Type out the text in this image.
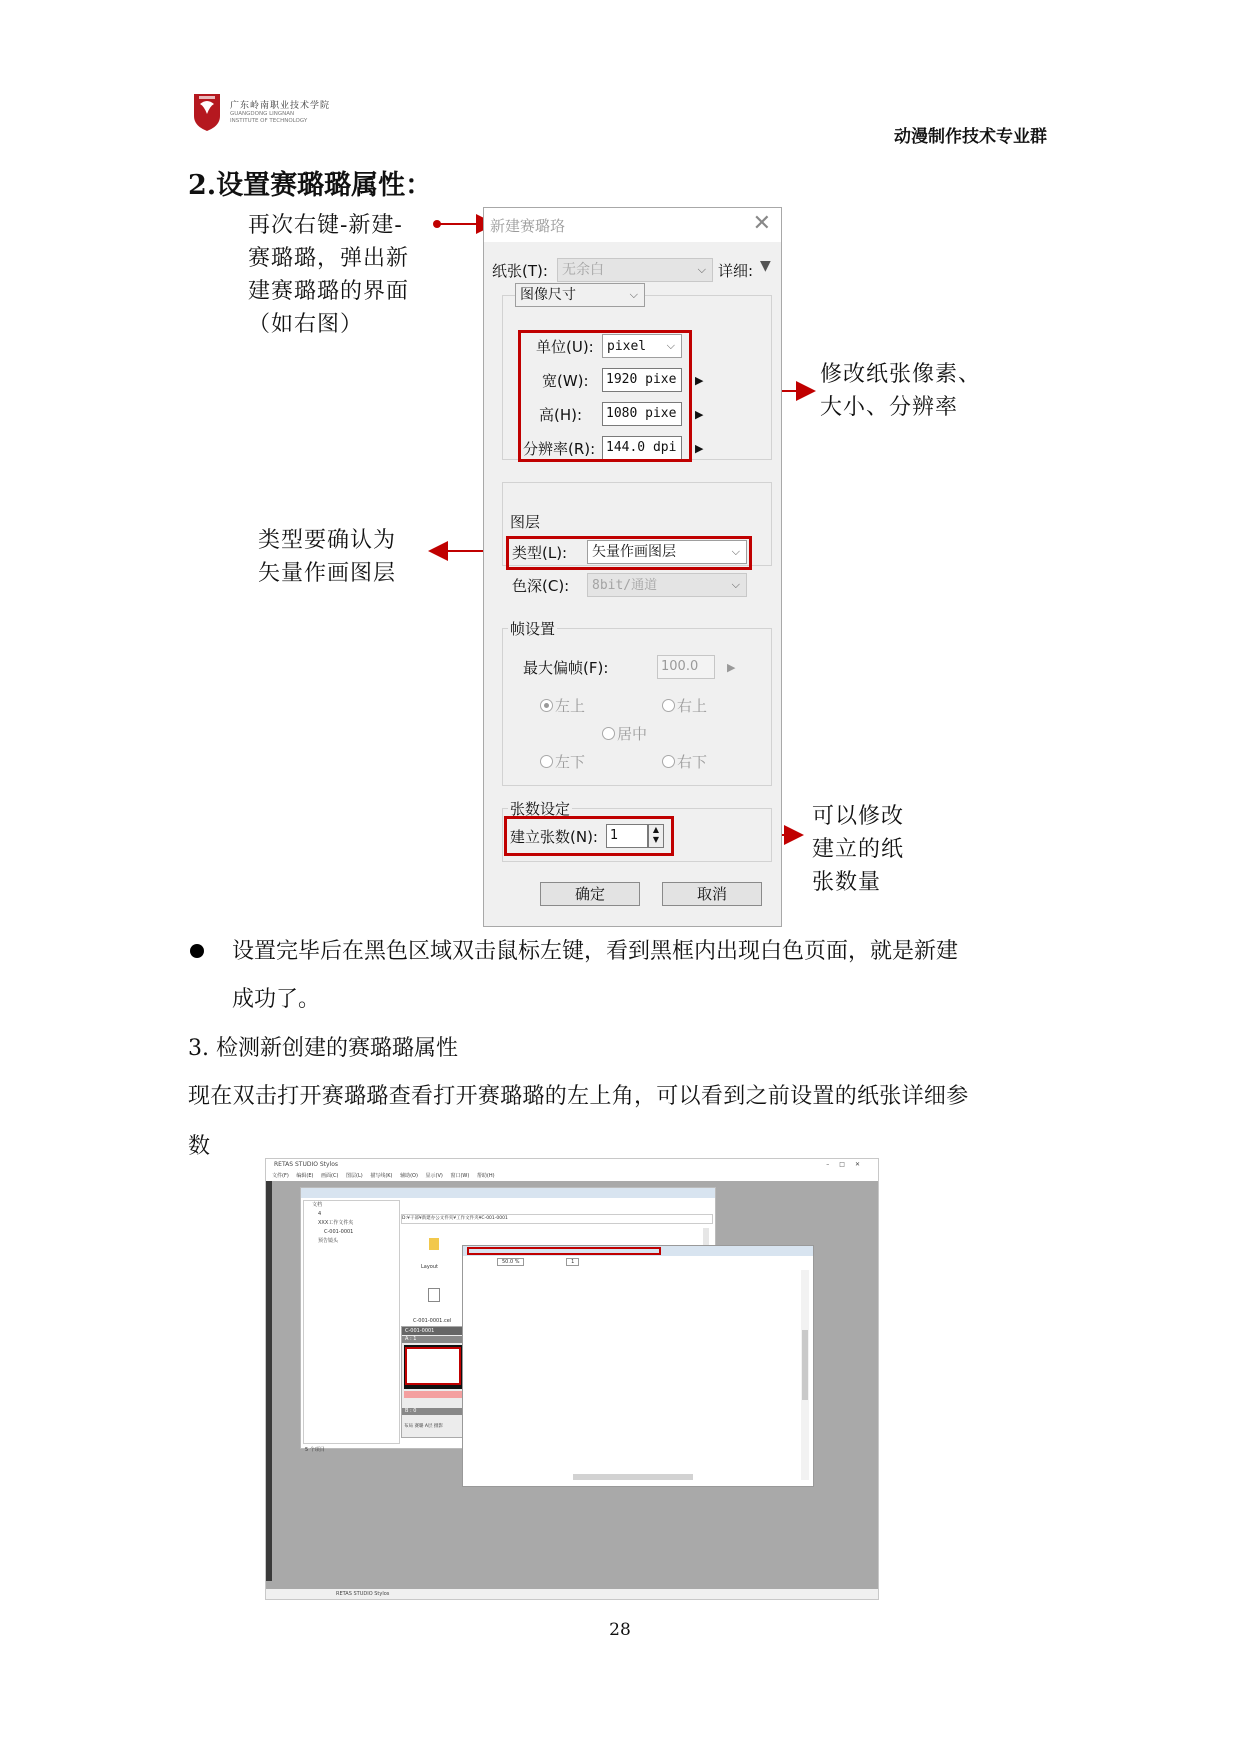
广东岭南职业技术学院
GUANGDONG LINGNAN
INSTITUTE OF TECHNOLOGY
动漫制作技术专业群
2.设置赛璐璐属性：
再次右键-新建-
赛璐璐，弹出新
建赛璐璐的界面
（如右图）
修改纸张像素、
大小、分辨率
类型要确认为
矢量作画图层
可以修改
建立的纸
张数量
新建赛璐珞	✕
纸张(T):	无余白	⌵ 详细: ▼
图像尺寸	⌵
单位(U):	pixel ⌵
宽(W):	1920 pixe	▶
高(H):	1080 pixe	▶
分辨率(R): 144.0 dpi	▶
图层
类型(L):	矢量作画图层	⌵
色深(C):	8bit/通道	⌵
帧设置
最大偏帧(F):	100.0	▶
左上	右上
居中
左下	右下
张数设定
建立张数(N): 1	▲
▼
确定	取消
设置完毕后在黑色区域双击鼠标左键，看到黑框内出现白色页面，就是新建
成功了。
3. 检测新创建的赛璐璐属性
现在双击打开赛璐璐查看打开赛璐璐的左上角，可以看到之前设置的纸张详细参
数
RETAS STUDIO Stylos	–□✕
文件(F) 编辑(E) 画面(C) 图层(L) 描写线(K) 辅助(O) 显示(V) 窗口(W) 帮助(H)
文档
4
XXX工作文件夹
C-001-0001
预告镜头
5 个项目
D:¥干部¥新建办公文件夹¥工作文件夹¥C-001-0001
Layout
C-001-0001.cel
C-001-0001
A : 1
B : 0
布局 赛璐 A层 摄影
50.0 %	1
RETAS STUDIO Stylos
28
